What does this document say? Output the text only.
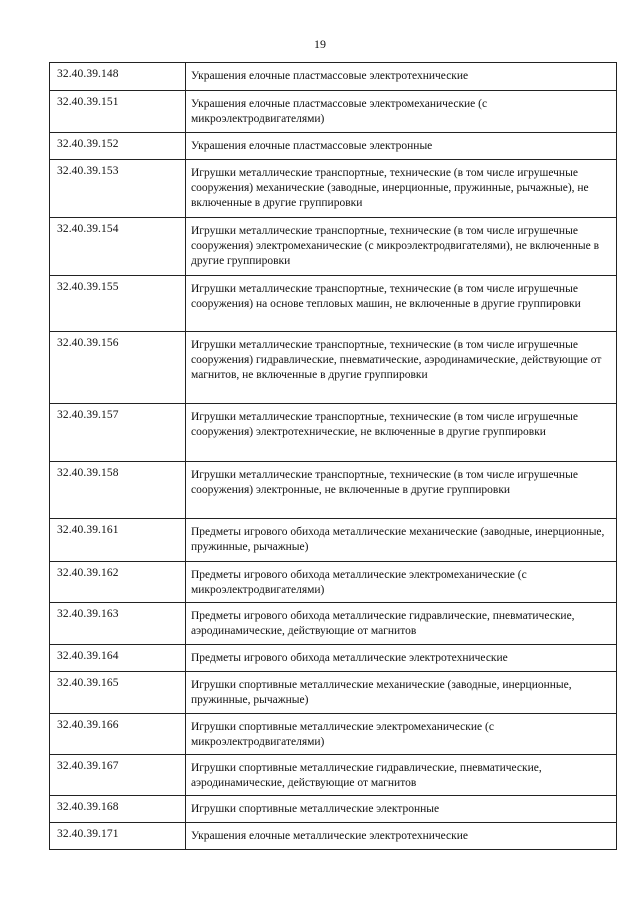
19
32.40.39.148	Украшения елочные пластмассовые электротехнические
32.40.39.151	Украшения елочные пластмассовые электромеханические (с микроэлектродвигателями)
32.40.39.152	Украшения елочные пластмассовые электронные
32.40.39.153	Игрушки металлические транспортные, технические (в том числе игрушечные сооружения) механические (заводные, инерционные, пружинные, рычажные), не включенные в другие группировки
32.40.39.154	Игрушки металлические транспортные, технические (в том числе игрушечные сооружения) электромеханические (с микроэлектродвигателями), не включенные в другие группировки
32.40.39.155	Игрушки металлические транспортные, технические (в том числе игрушечные сооружения) на основе тепловых машин, не включенные в другие группировки
32.40.39.156	Игрушки металлические транспортные, технические (в том числе игрушечные сооружения) гидравлические, пневматические, аэродинамические, действующие от магнитов, не включенные в другие группировки
32.40.39.157	Игрушки металлические транспортные, технические (в том числе игрушечные сооружения) электротехнические, не включенные в другие группировки
32.40.39.158	Игрушки металлические транспортные, технические (в том числе игрушечные сооружения) электронные, не включенные в другие группировки
32.40.39.161	Предметы игрового обихода металлические механические (заводные, инерционные, пружинные, рычажные)
32.40.39.162	Предметы игрового обихода металлические электромеханические (с микроэлектродвигателями)
32.40.39.163	Предметы игрового обихода металлические гидравлические, пневматические, аэродинамические, действующие от магнитов
32.40.39.164	Предметы игрового обихода металлические электротехнические
32.40.39.165	Игрушки спортивные металлические механические (заводные, инерционные, пружинные, рычажные)
32.40.39.166	Игрушки спортивные металлические электромеханические (с микроэлектродвигателями)
32.40.39.167	Игрушки спортивные металлические гидравлические, пневматические, аэродинамические, действующие от магнитов
32.40.39.168	Игрушки спортивные металлические электронные
32.40.39.171	Украшения елочные металлические электротехнические
